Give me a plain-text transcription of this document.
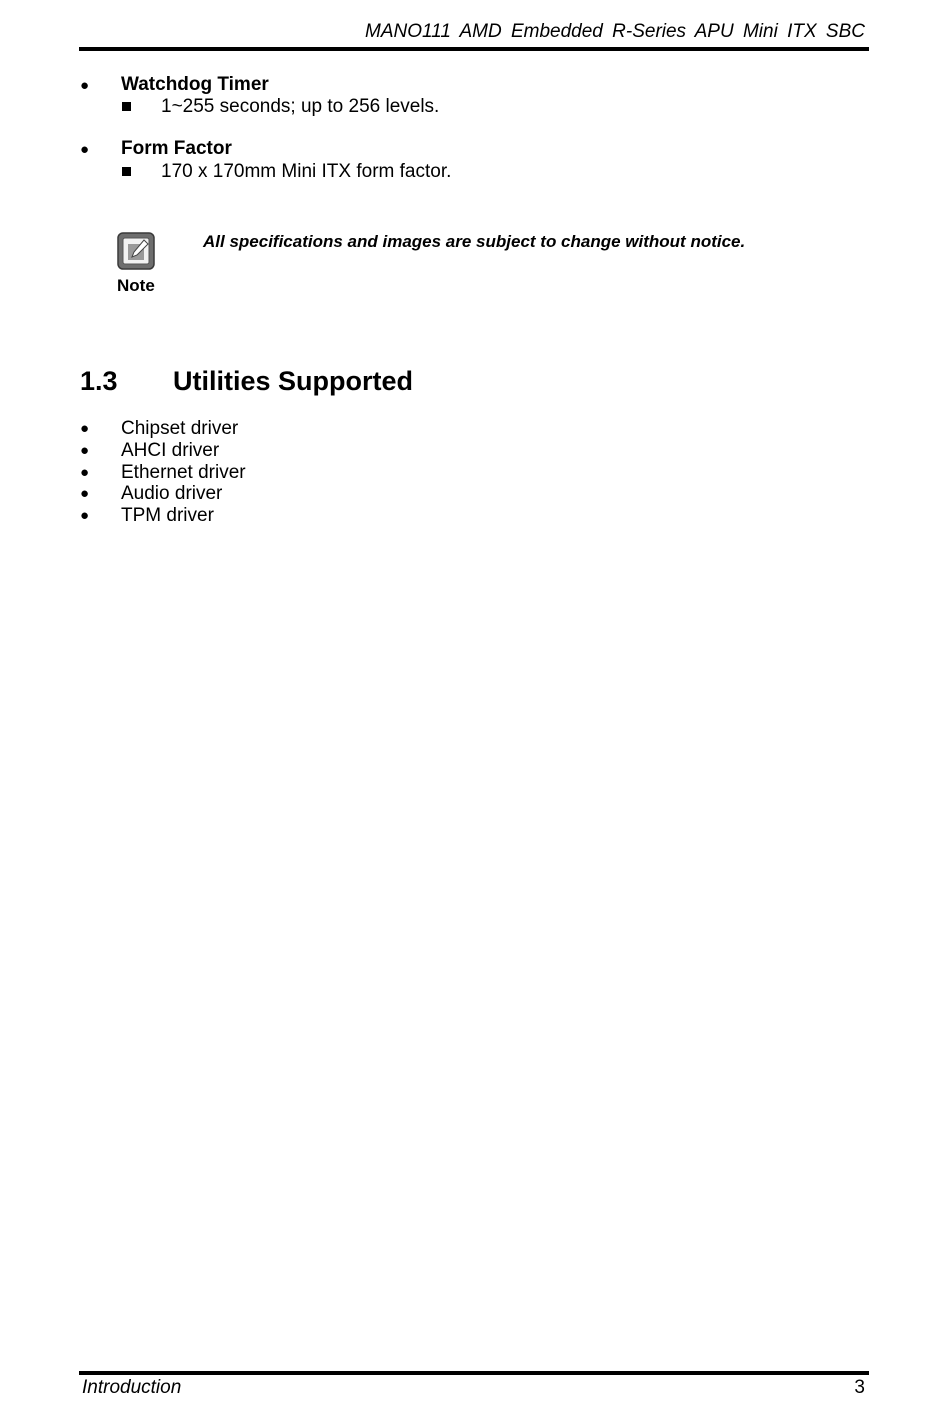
MANO111 AMD Embedded R-Series APU Mini ITX SBC
● Watchdog Timer
1~255 seconds; up to 256 levels.
● Form Factor
170 x 170mm Mini ITX form factor.
Note
All specifications and images are subject to change without notice.
1.3 Utilities Supported
● Chipset driver
● AHCI driver
● Ethernet driver
● Audio driver
● TPM driver
Introduction	3
